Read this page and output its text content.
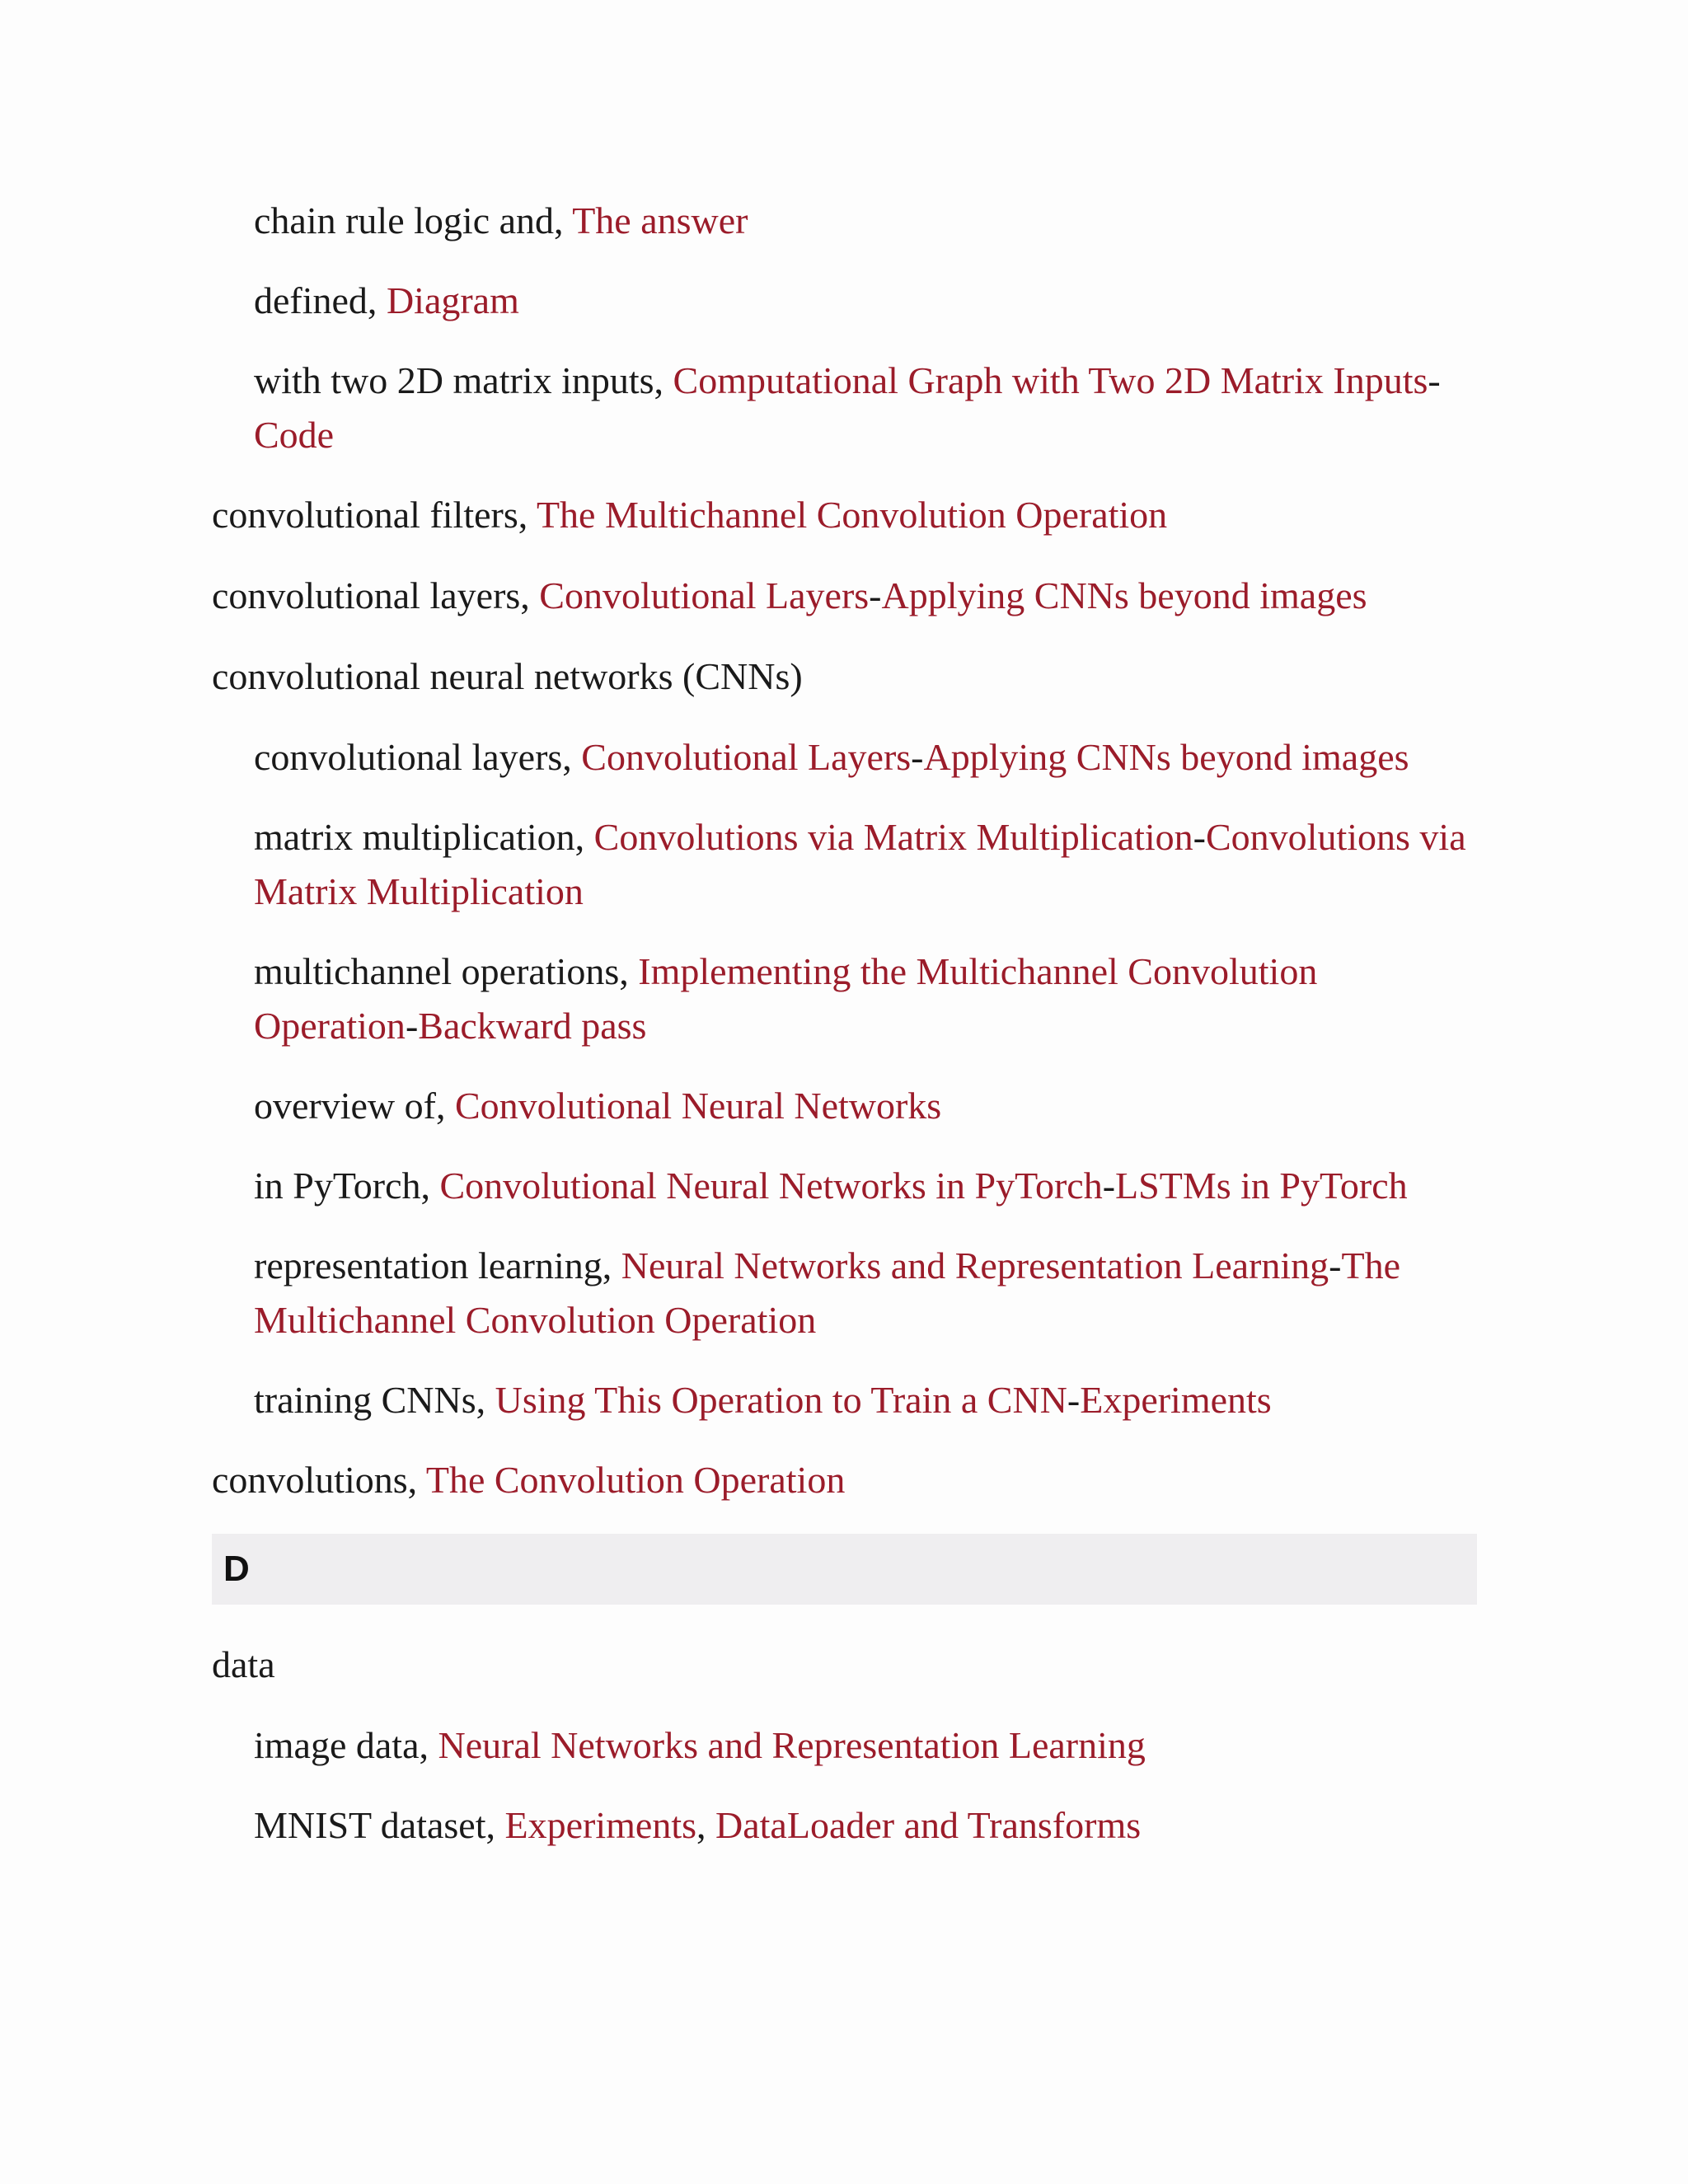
chain rule logic and, The answer
defined, Diagram
with two 2D matrix inputs, Computational Graph with Two 2D Matrix Inputs-Code
convolutional filters, The Multichannel Convolution Operation
convolutional layers, Convolutional Layers-Applying CNNs beyond images
convolutional neural networks (CNNs)
convolutional layers, Convolutional Layers-Applying CNNs beyond images
matrix multiplication, Convolutions via Matrix Multiplication-Convolutions via Matrix Multiplication
multichannel operations, Implementing the Multichannel Convolution Operation-Backward pass
overview of, Convolutional Neural Networks
in PyTorch, Convolutional Neural Networks in PyTorch-LSTMs in PyTorch
representation learning, Neural Networks and Representation Learning-The Multichannel Convolution Operation
training CNNs, Using This Operation to Train a CNN-Experiments
convolutions, The Convolution Operation
D
data
image data, Neural Networks and Representation Learning
MNIST dataset, Experiments, DataLoader and Transforms
